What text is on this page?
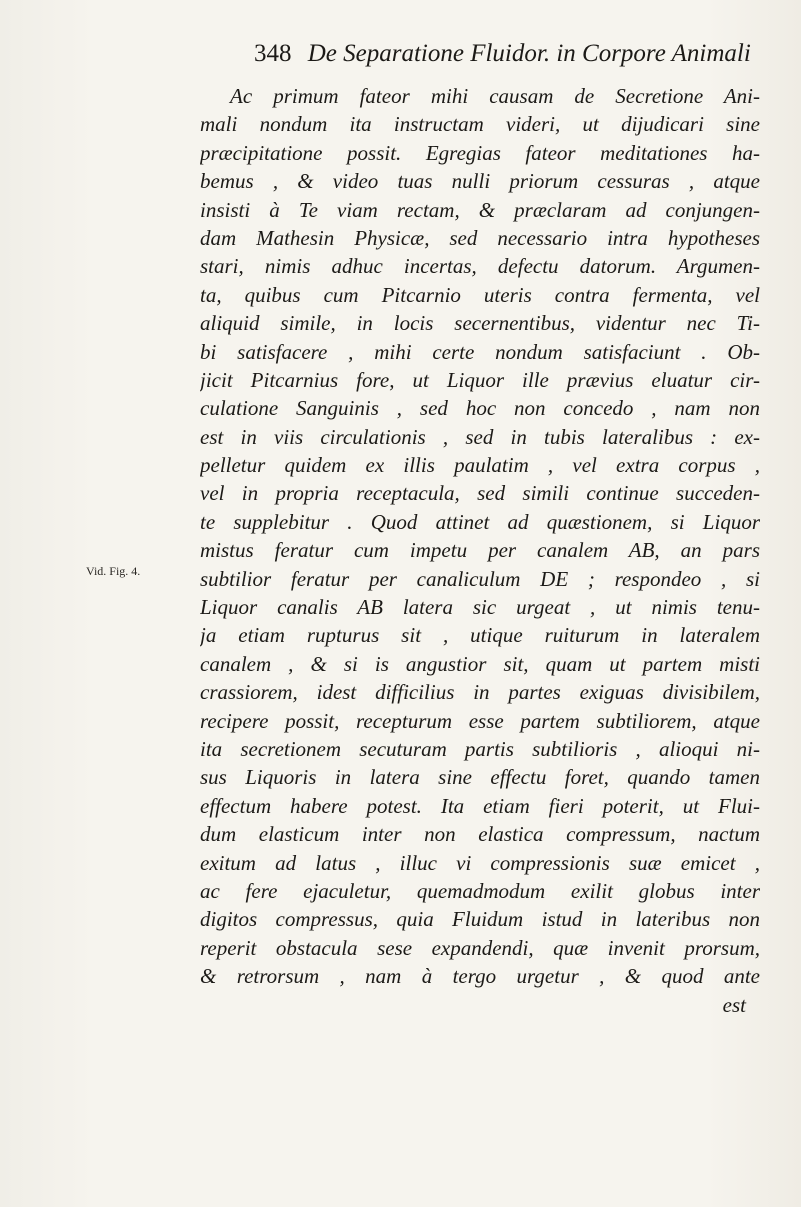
348 De Separatione Fluidor. in Corpore Animali
Vid. Fig. 4.
Ac primum fateor mihi causam de Secretione Ani-
mali nondum ita instructam videri, ut dijudicari sine
præcipitatione possit. Egregias fateor meditationes ha-
bemus , & video tuas nulli priorum cessuras , atque
insisti à Te viam rectam, & præclaram ad conjungen-
dam Mathesin Physicæ, sed necessario intra hypotheses
stari, nimis adhuc incertas, defectu datorum. Argumen-
ta, quibus cum Pitcarnio uteris contra fermenta, vel
aliquid simile, in locis secernentibus, videntur nec Ti-
bi satisfacere , mihi certe nondum satisfaciunt . Ob-
jicit Pitcarnius fore, ut Liquor ille prævius eluatur cir-
culatione Sanguinis , sed hoc non concedo , nam non
est in viis circulationis , sed in tubis lateralibus : ex-
pelletur quidem ex illis paulatim , vel extra corpus ,
vel in propria receptacula, sed simili continue succeden-
te supplebitur . Quod attinet ad quæstionem, si Liquor
mistus feratur cum impetu per canalem AB, an pars
subtilior feratur per canaliculum DE ; respondeo , si
Liquor canalis AB latera sic urgeat , ut nimis tenu-
ja etiam rupturus sit , utique ruiturum in lateralem
canalem , & si is angustior sit, quam ut partem misti
crassiorem, idest difficilius in partes exiguas divisibilem,
recipere possit, recepturum esse partem subtiliorem, atque
ita secretionem secuturam partis subtilioris , alioqui ni-
sus Liquoris in latera sine effectu foret, quando tamen
effectum habere potest. Ita etiam fieri poterit, ut Flui-
dum elasticum inter non elastica compressum, nactum
exitum ad latus , illuc vi compressionis suæ emicet ,
ac fere ejaculetur, quemadmodum exilit globus inter
digitos compressus, quia Fluidum istud in lateribus non
reperit obstacula sese expandendi, quæ invenit prorsum,
& retrorsum , nam à tergo urgetur , & quod ante
est
